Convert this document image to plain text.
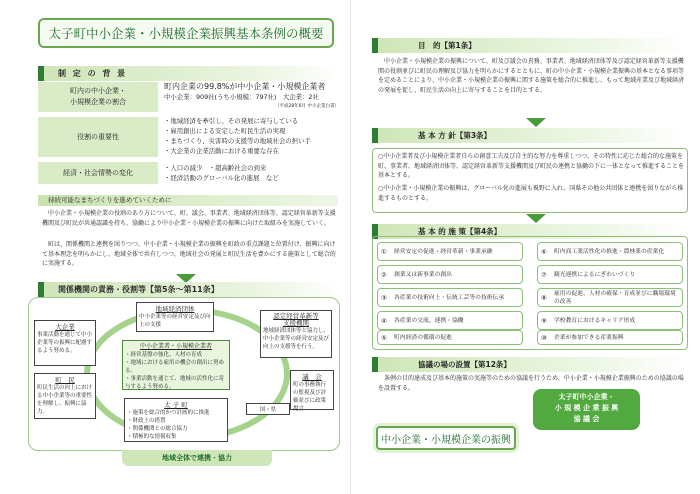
太子町中小企業・小規模企業振興基本条例の概要
制 定 の 背 景
町内の中小企業・
小規模企業の割合
町内企業の99.8%が中小企業・小規模企業者
中小企業：909社(うち小規模：797社)　大企業：2社
（平成28年6月 中小企業白書）
役割の重要性
・地域経済を牽引し、その発展に寄与している
・雇用創出による安定した町民生活の実現
・まちづくり、災害時の支援等の地域社会の担い手
・大企業の企業活動における重要な存在
経済・社会情勢の変化
・人口の減少　・超高齢社会の到来
・経済活動のグローバル化の進展　など
持続可能なまちづくりを進めていくために
中小企業・小規模企業の役割のあり方について、町、議会、事業者、地域経済団体等、認定経営革新等支援機関及び町民が共通認識を持ち、協働により中小企業・小規模企業の振興に向けた取組みを実施していく。
町は、関係機関と連携を図りつつ、中小企業・小規模企業の振興を町政の重点課題と位置付け、振興に向けて基本理念を明らかにし、地域全体で共有しつつ、地域社会の発展と町民生活を豊かにする施策として総合的に実施する。
関係機関の責務・役割等【第5条～第11条】
大企業
事業活動を通じて中小企業等の振興に配慮するよう努める。
町　民
町民生活の向上における中小企業等の重要性を理解し、振興に協力。
地域経済団体
中小企業等の経営安定及び向上の支援
認定経営革新等
支援機関
地域経済団体等と協力し、中小企業等の経営安定及び向上の支援等を行う。
議　会
町の事務執行の監視及び評価並びに政策提言
中小企業者・小規模企業者
・経営基盤の強化、人材の育成
・地域における雇用の機会の創出に努める。
・事業活動を通じて、地域の活性化に寄与するよう努める。
太 子 町
・施策を総合的かつ計画的に推進
・財政上の措置
・関係機関との総合協力
・積極的な情報収集
国・県
地域全体で連携・協力
目　的【第1条】
中小企業・小規模企業の振興について、町及び議会の責務、事業者、地域経済団体等及び認定経営革新等支援機関の役割並びに町民の理解及び協力を明らかにするとともに、町の中小企業・小規模企業振興の基本となる事項等を定めることにより、中小企業・小規模企業の振興に関する施策を総合的に推進し、もって地域産業及び地域経済の発展を促し、町民生活の向上に寄与することを目的とする。
基 本 方 針【第3条】
○中小企業者及び小規模企業者自らの創意工夫及び自主的な努力を尊重しつつ、その特性に応じた総合的な施策を町、事業者、地域経済団体等、認定経営革新等支援機関及び町民の連携と協働の下に一体となって推進することを基本とする。
○中小企業・小規模企業の振興は、グローバル化の進展も視野に入れ、国県その他公共団体と連携を図りながら推進するものとする。
基 本 的 施 策【第4条】
① 経営安定の促進・経営革新・事業承継
② 創業又は新事業の創出
③ 各産業の技術向上・伝統工芸等の技術伝承
④ 各産業の交流、連携・協働
⑤ 町内経済の循環の促進
⑥ 町内商工業活性化の推進・農林業の産業化
⑦ 観光連携によるにぎわいづくり
⑧ 雇用の促進、人材の確保・育成並びに職場環境の改善
⑨ 学校教育におけるキャリア形成
⑩ 企業が参加できる産業振興
協議の場の設置【第12条】
条例の目的達成及び基本的施策の実施等のための協議を行うため、中小企業・小規模企業振興のための協議の場を設置する。
太子町中小企業・
小 規 模 企 業 振 興
協 議 会
中小企業・小規模企業の振興
